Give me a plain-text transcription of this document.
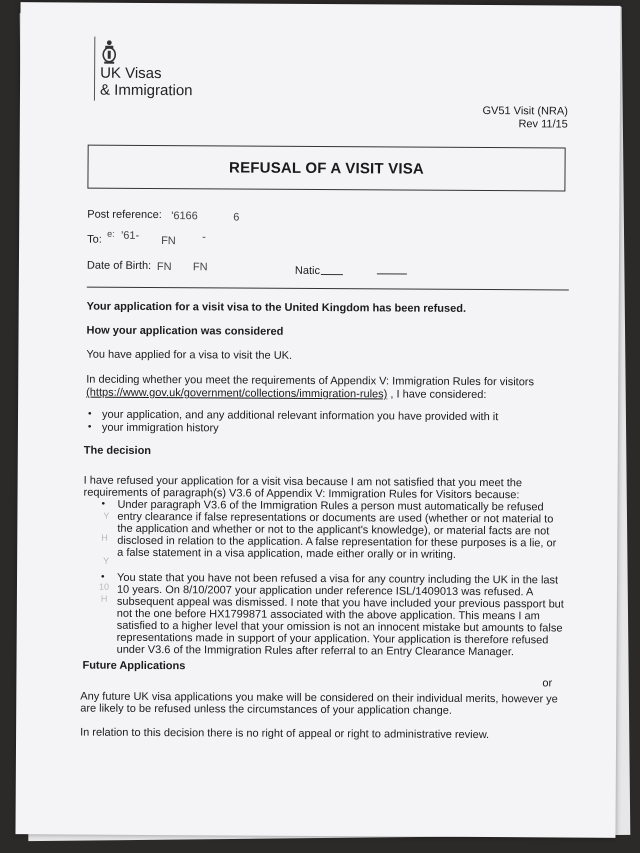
UK Visas
& Immigration
GV51 Visit (NRA)
Rev 11/15
REFUSAL OF A VISIT VISA
Post reference: '6166	6
To: e: '61- FN -
Date of Birth: FN FN	Natic
Your application for a visit visa to the United Kingdom has been refused.
How your application was considered
You have applied for a visa to visit the UK.
In deciding whether you meet the requirements of Appendix V: Immigration Rules for visitors
(https://www.gov.uk/government/collections/immigration-rules) , I have considered:
• your application, and any additional relevant information you have provided with it
• your immigration history
The decision
I have refused your application for a visit visa because I am not satisfied that you meet the
requirements of paragraph(s) V3.6 of Appendix V: Immigration Rules for Visitors because:
• Under paragraph V3.6 of the Immigration Rules a person must automatically be refused
entry clearance if false representations or documents are used (whether or not material to
the application and whether or not to the applicant's knowledge), or material facts are not
disclosed in relation to the application. A false representation for these purposes is a lie, or
a false statement in a visa application, made either orally or in writing.
• You state that you have not been refused a visa for any country including the UK in the last
10 years. On 8/10/2007 your application under reference ISL/1409013 was refused. A
subsequent appeal was dismissed. I note that you have included your previous passport but
not the one before HX1799871 associated with the above application. This means I am
satisfied to a higher level that your omission is not an innocent mistake but amounts to false
representations made in support of your application. Your application is therefore refused
under V3.6 of the Immigration Rules after referral to an Entry Clearance Manager.
Future Applications
or
Any future UK visa applications you make will be considered on their individual merits, however ye
are likely to be refused unless the circumstances of your application change.
In relation to this decision there is no right of appeal or right to administrative review.
Y
H
Y
10
H
